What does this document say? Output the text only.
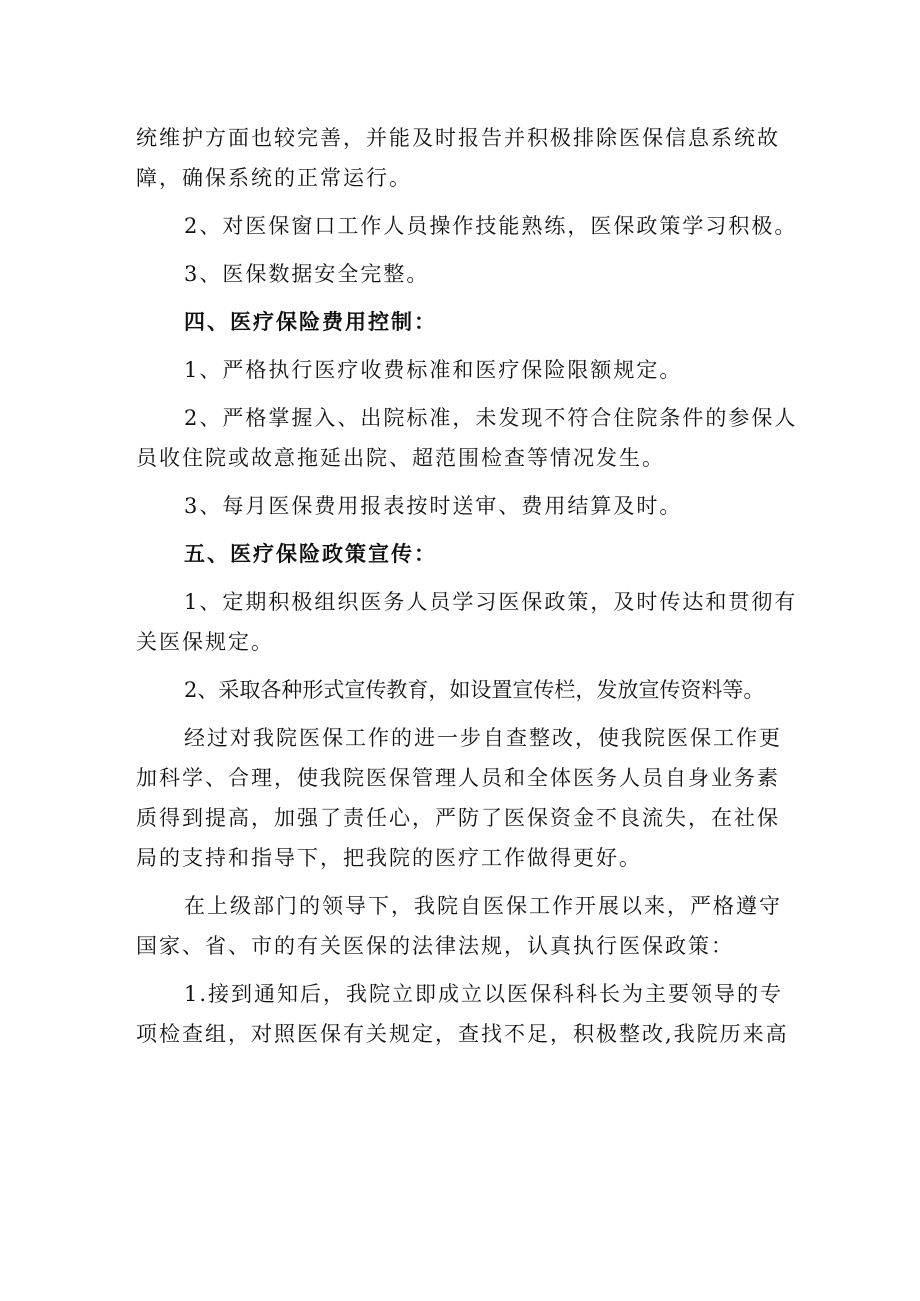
统维护方面也较完善，并能及时报告并积极排除医保信息系统故
障，确保系统的正常运行。
2、对医保窗口工作人员操作技能熟练，医保政策学习积极。
3、医保数据安全完整。
四、医疗保险费用控制：
1、严格执行医疗收费标准和医疗保险限额规定。
2、严格掌握入、出院标准，未发现不符合住院条件的参保人
员收住院或故意拖延出院、超范围检查等情况发生。
3、每月医保费用报表按时送审、费用结算及时。
五、医疗保险政策宣传：
1、定期积极组织医务人员学习医保政策，及时传达和贯彻有
关医保规定。
2、采取各种形式宣传教育，如设置宣传栏，发放宣传资料等。
经过对我院医保工作的进一步自查整改，使我院医保工作更
加科学、合理，使我院医保管理人员和全体医务人员自身业务素
质得到提高，加强了责任心，严防了医保资金不良流失，在社保
局的支持和指导下，把我院的医疗工作做得更好。
在上级部门的领导下，我院自医保工作开展以来，严格遵守
国家、省、市的有关医保的法律法规，认真执行医保政策：
1.接到通知后，我院立即成立以医保科科长为主要领导的专
项检查组，对照医保有关规定，查找不足，积极整改,我院历来高
